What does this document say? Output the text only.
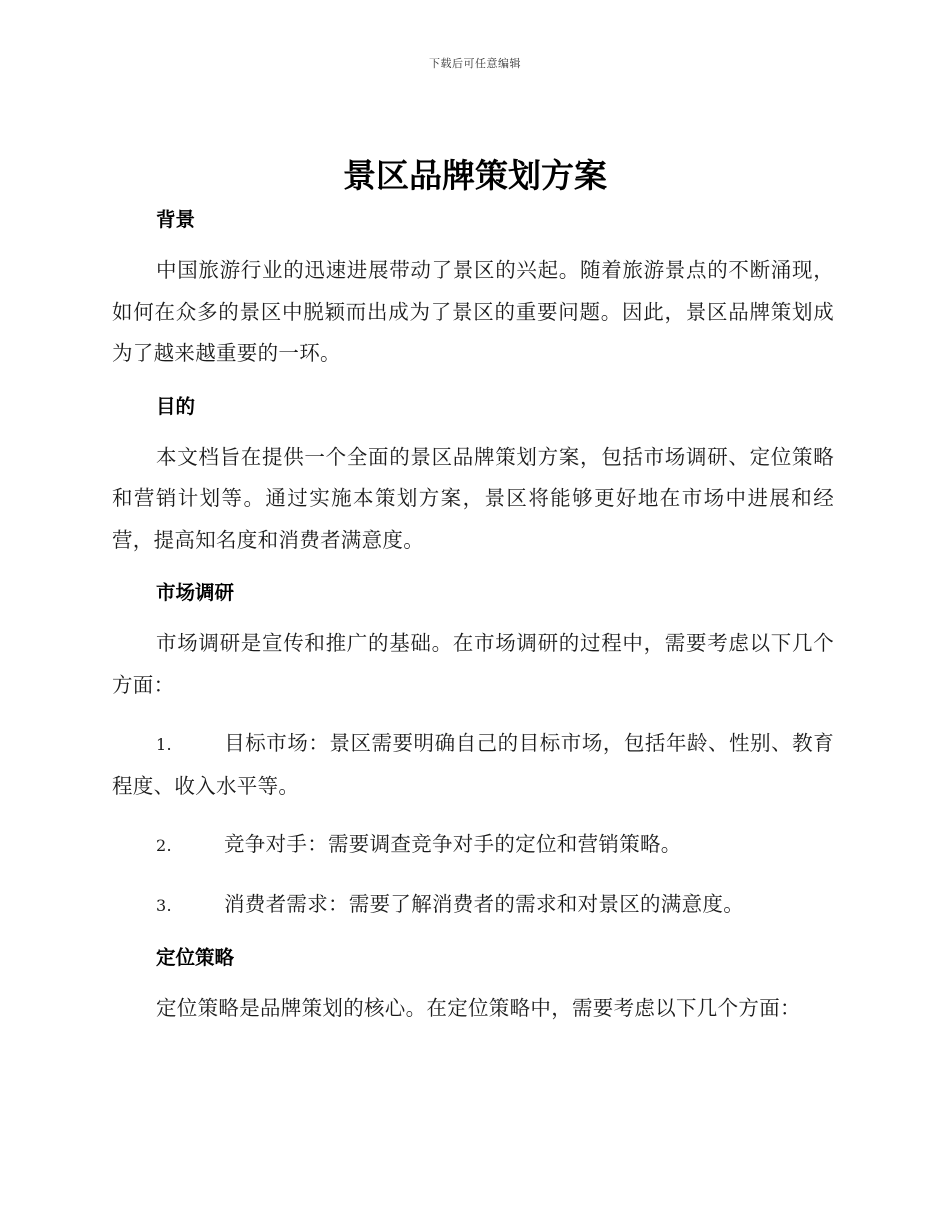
下载后可任意编辑
景区品牌策划方案
背景

中国旅游行业的迅速进展带动了景区的兴起。随着旅游景点的不断涌现，如何在众多的景区中脱颖而出成为了景区的重要问题。因此，景区品牌策划成为了越来越重要的一环。

目的

本文档旨在提供一个全面的景区品牌策划方案，包括市场调研、定位策略和营销计划等。通过实施本策划方案，景区将能够更好地在市场中进展和经营，提高知名度和消费者满意度。

市场调研

市场调研是宣传和推广的基础。在市场调研的过程中，需要考虑以下几个方面：

1.	目标市场：景区需要明确自己的目标市场，包括年龄、性别、教育程度、收入水平等。

2.	竞争对手：需要调查竞争对手的定位和营销策略。

3.	消费者需求：需要了解消费者的需求和对景区的满意度。

定位策略

定位策略是品牌策划的核心。在定位策略中，需要考虑以下几个方面：
